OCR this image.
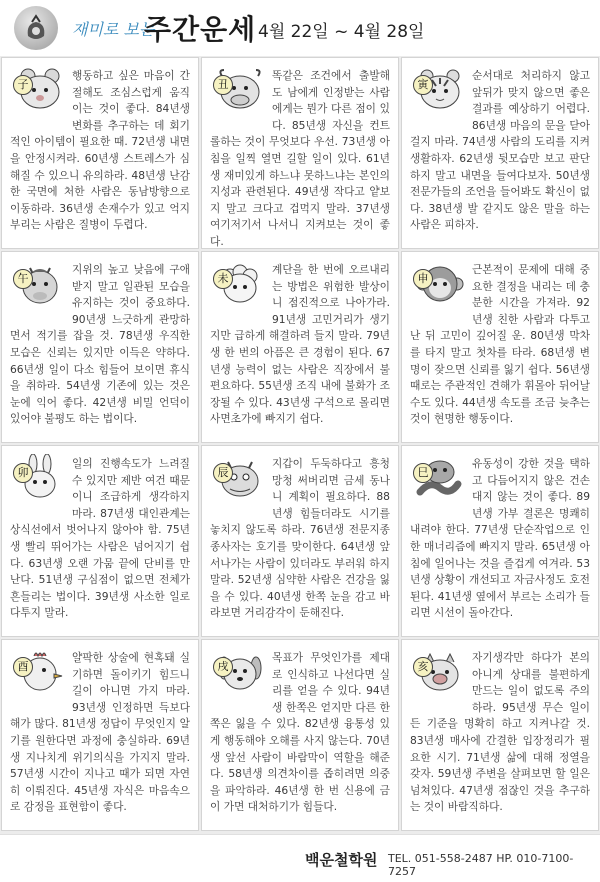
재미로 보는
주간운세 4월 22일 ~ 4월 28일
子

행동하고 싶은 마음이 간절해도 조심스럽게 움직이는 것이 좋다. 84년생 변화를 추구하는 데 회기적인 아이템이 필요한 때. 72년생 내면을 안정시켜라. 60년생 스트레스가 심해질 수 있으니 유의하라. 48년생 난감한 국면에 처한 사람은 동남방향으로 이동하라. 36년생 손재수가 있고 억지부리는 사람은 질병이 두렵다.

丑

똑같은 조건에서 출발해도 남에게 인정받는 사람에게는 뭔가 다른 점이 있다. 85년생 자신을 컨트롤하는 것이 무엇보다 우선. 73년생 아침을 일찍 열면 길할 일이 있다. 61년생 재미있게 하느냐 못하느냐는 본인의 지성과 관련된다. 49년생 작다고 얕보지 말고 크다고 겁먹지 말라. 37년생 여기저기서 나서니 지켜보는 것이 좋다.

寅

순서대로 처리하지 않고 앞뒤가 맞지 않으면 좋은 결과를 예상하기 어렵다. 86년생 마음의 문을 닫아걸지 마라. 74년생 사람의 도리를 지켜 생활하자. 62년생 뒷모습만 보고 판단하지 말고 내면을 들여다보자. 50년생 전문가들의 조언을 들어봐도 확신이 없다. 38년생 발 같지도 않은 말을 하는 사람은 피하자.

午

지위의 높고 낮음에 구애받지 말고 일관된 모습을 유지하는 것이 중요하다. 90년생 느긋하게 관망하면서 적기를 잡을 것. 78년생 우직한 모습은 신뢰는 있지만 이득은 약하다. 66년생 일이 다소 힘들어 보이면 휴식을 취하라. 54년생 기존에 있는 것은 눈에 익어 좋다. 42년생 비밀 언덕이 있어야 불평도 하는 법이다.

未

계단을 한 번에 오르내리는 방법은 위험한 발상이니 점진적으로 나아가라. 91년생 고민거리가 생기지만 급하게 해결하려 들지 말라. 79년생 한 번의 아픔은 큰 경험이 된다. 67년생 능력이 없는 사람은 직장에서 불편요하다. 55년생 조직 내에 불화가 조장될 수 있다. 43년생 구석으로 몰리면 사면초가에 빠지기 쉽다.

申

근본적이 문제에 대해 중요한 결정을 내리는 데 충분한 시간을 가져라. 92년생 친한 사람과 다투고 난 뒤 고민이 깊어질 운. 80년생 막차를 타지 말고 첫차를 타라. 68년생 변명이 잦으면 신뢰를 잃기 쉽다. 56년생 때로는 주관적인 견해가 휘몰아 뒤어날 수도 있다. 44년생 속도를 조금 늦추는 것이 현명한 행동이다.

卯

일의 진행속도가 느려질 수 있지만 제반 여건 때문이니 조급하게 생각하지 마라. 87년생 대인관계는 상식선에서 벗어나지 않아야 함. 75년생 빨리 뛰어가는 사람은 넘어지기 쉽다. 63년생 오랜 가뭄 끝에 단비를 만난다. 51년생 구심점이 없으면 전체가 흔들리는 법이다. 39년생 사소한 일로 다투지 말라.

辰

지갑이 두둑하다고 흥청망청 써버리면 금세 동나니 계획이 필요하다. 88년생 힘들더라도 시기를 놓치지 않도록 하라. 76년생 전문지종 종사자는 호기를 맞이한다. 64년생 앞서나가는 사람이 있더라도 부러워 하지 말라. 52년생 심약한 사람은 건강을 잃을 수 있다. 40년생 한쪽 눈을 감고 바라보면 거리감각이 둔해진다.

巳

유동성이 강한 것을 택하고 다듬어지지 않은 건손대지 않는 것이 좋다. 89년생 가부 결론은 명쾌히 내려야 한다. 77년생 단순작업으로 인한 매너리즘에 빠지지 말라. 65년생 아침에 일어나는 것을 즐겁게 여겨라. 53년생 상황이 개선되고 자금사정도 호전된다. 41년생 옆에서 부르는 소리가 들리면 시선이 돌아간다.

酉

얄팍한 상술에 현혹돼 실기하면 돌이키기 힘드니 길이 아니면 가지 마라. 93년생 인정하면 득보다 해가 많다. 81년생 정답이 무엇인지 알기를 원한다면 과정에 충실하라. 69년생 지나치게 위기의식을 가지지 말라. 57년생 시간이 지나고 때가 되면 자연히 이뤄진다. 45년생 자식은 마음속으로 감정을 표현함이 좋다.

戌

목표가 무엇인가를 제대로 인식하고 나선다면 실리를 얻을 수 있다. 94년생 한쪽은 얻지만 다른 한쪽은 잃을 수 있다. 82년생 융통성 있게 행동해야 오해를 사지 않는다. 70년생 앞선 사람이 바람막이 역할을 해준다. 58년생 의견차이를 좁히려면 의중을 파악하라. 46년생 한 번 신용에 금이 가면 대처하기가 힘들다.

亥

자기생각만 하다가 본의 아니게 상대를 불편하게 만드는 일이 없도록 주의하라. 95년생 무슨 일이든 기준을 명확히 하고 지켜나갈 것. 83년생 매사에 간결한 입장정리가 필요한 시기. 71년생 삶에 대해 정열을 갖자. 59년생 주변을 살펴보면 할 일은 넘쳐있다. 47년생 점잖인 것을 추구하는 것이 바람직하다.

백운철학원 TEL. 051-558-2487 HP. 010-7100-7257
